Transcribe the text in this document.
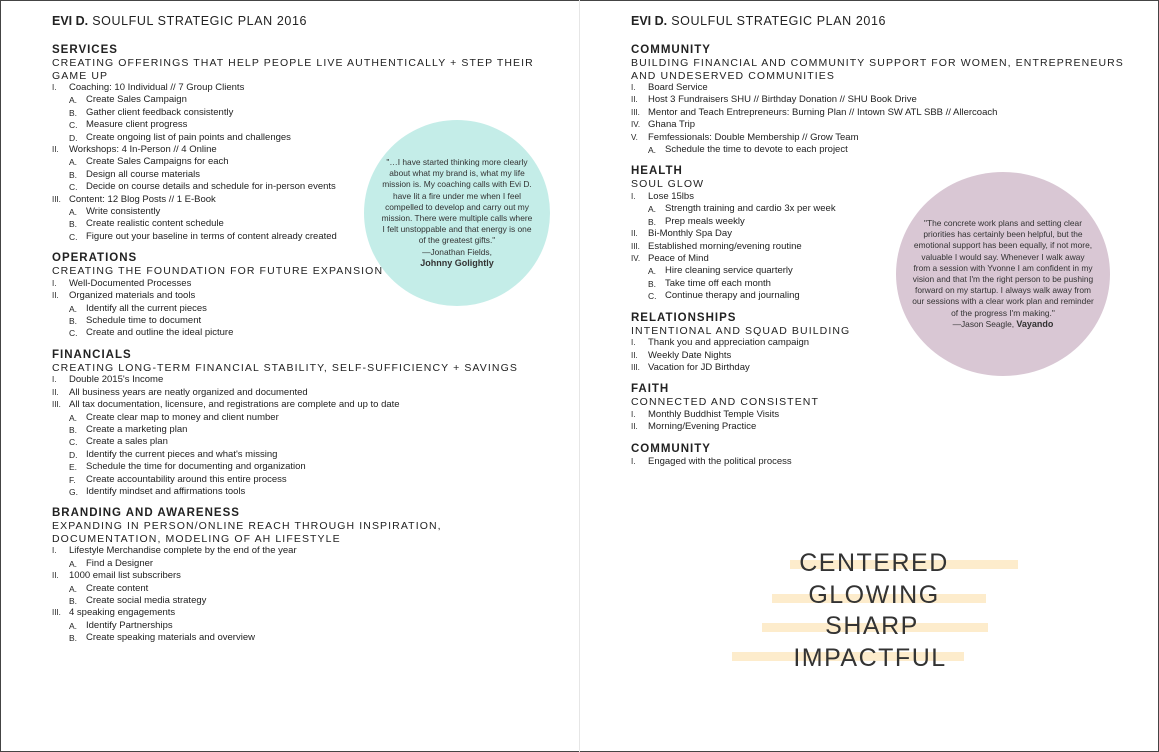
EVI D. SOULFUL STRATEGIC PLAN 2016
SERVICES
CREATING OFFERINGS THAT HELP PEOPLE LIVE AUTHENTICALLY + STEP THEIR GAME UP
I. Coaching: 10 Individual // 7 Group Clients
A. Create Sales Campaign
B. Gather client feedback consistently
C. Measure client progress
D. Create ongoing list of pain points and challenges
II. Workshops: 4 In-Person // 4 Online
A. Create Sales Campaigns for each
B. Design all course materials
C. Decide on course details and schedule for in-person events
III. Content: 12 Blog Posts // 1 E-Book
A. Write consistently
B. Create realistic content schedule
C. Figure out your baseline in terms of content already created
OPERATIONS
CREATING THE FOUNDATION FOR FUTURE EXPANSION
I. Well-Documented Processes
II. Organized materials and tools
A. Identify all the current pieces
B. Schedule time to document
C. Create and outline the ideal picture
FINANCIALS
CREATING LONG-TERM FINANCIAL STABILITY, SELF-SUFFICIENCY + SAVINGS
I. Double 2015's Income
II. All business years are neatly organized and documented
III. All tax documentation, licensure, and registrations are complete and up to date
A. Create clear map to money and client number
B. Create a marketing plan
C. Create a sales plan
D. Identify the current pieces and what's missing
E. Schedule the time for documenting and organization
F. Create accountability around this entire process
G. Identify mindset and affirmations tools
BRANDING AND AWARENESS
EXPANDING IN PERSON/ONLINE REACH THROUGH INSPIRATION, DOCUMENTATION, MODELING OF AH LIFESTYLE
I. Lifestyle Merchandise complete by the end of the year
A. Find a Designer
II. 1000 email list subscribers
A. Create content
B. Create social media strategy
III. 4 speaking engagements
A. Identify Partnerships
B. Create speaking materials and overview
"…I have started thinking more clearly about what my brand is, what my life mission is. My coaching calls with Evi D. have lit a fire under me when I feel compelled to develop and carry out my mission. There were multiple calls where I felt unstoppable and that energy is one of the greatest gifts."
—Jonathan Fields,
Johnny Golightly
EVI D. SOULFUL STRATEGIC PLAN 2016
COMMUNITY
BUILDING FINANCIAL AND COMMUNITY SUPPORT FOR WOMEN, ENTREPRENEURS AND UNDESERVED COMMUNITIES
I. Board Service
II. Host 3 Fundraisers SHU // Birthday Donation // SHU Book Drive
III. Mentor and Teach Entrepreneurs: Burning Plan // Intown SW ATL SBB // Allercoach
IV. Ghana Trip
V. Femfessionals: Double Membership // Grow Team
A. Schedule the time to devote to each project
HEALTH
SOUL GLOW
I. Lose 15lbs
A. Strength training and cardio 3x per week
B. Prep meals weekly
II. Bi-Monthly Spa Day
III. Established morning/evening routine
IV. Peace of Mind
A. Hire cleaning service quarterly
B. Take time off each month
C. Continue therapy and journaling
RELATIONSHIPS
INTENTIONAL AND SQUAD BUILDING
I. Thank you and appreciation campaign
II. Weekly Date Nights
III. Vacation for JD Birthday
FAITH
CONNECTED AND CONSISTENT
I. Monthly Buddhist Temple Visits
II. Morning/Evening Practice
COMMUNITY
I. Engaged with the political process
"The concrete work plans and setting clear priorities has certainly been helpful, but the emotional support has been equally, if not more, valuable I would say. Whenever I walk away from a session with Yvonne I am confident in my vision and that I'm the right person to be pushing forward on my startup. I always walk away from our sessions with a clear work plan and reminder of the progress I'm making."
—Jason Seagle, Vayando
CENTERED
GLOWING
SHARP
IMPACTFUL
